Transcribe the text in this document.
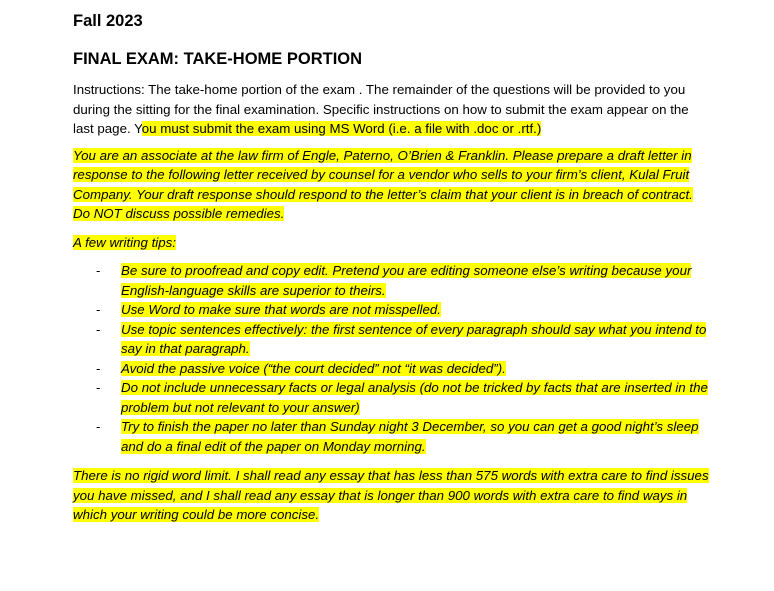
Fall 2023

FINAL EXAM: TAKE-HOME PORTION

Instructions: The take-home portion of the exam . The remainder of the questions will be provided to you during the sitting for the final examination. Specific instructions on how to submit the exam appear on the last page. You must submit the exam using MS Word (i.e. a file with .doc or .rtf.)

You are an associate at the law firm of Engle, Paterno, O’Brien & Franklin. Please prepare a draft letter in response to the following letter received by counsel for a vendor who sells to your firm’s client, Kulal Fruit Company. Your draft response should respond to the letter’s claim that your client is in breach of contract. Do NOT discuss possible remedies.

A few writing tips:

- Be sure to proofread and copy edit. Pretend you are editing someone else’s writing because your English-language skills are superior to theirs.
- Use Word to make sure that words are not misspelled.
- Use topic sentences effectively: the first sentence of every paragraph should say what you intend to say in that paragraph.
- Avoid the passive voice (“the court decided” not “it was decided”).
- Do not include unnecessary facts or legal analysis (do not be tricked by facts that are inserted in the problem but not relevant to your answer)
- Try to finish the paper no later than Sunday night 3 December, so you can get a good night’s sleep and do a final edit of the paper on Monday morning.

There is no rigid word limit. I shall read any essay that has less than 575 words with extra care to find issues you have missed, and I shall read any essay that is longer than 900 words with extra care to find ways in which your writing could be more concise.
